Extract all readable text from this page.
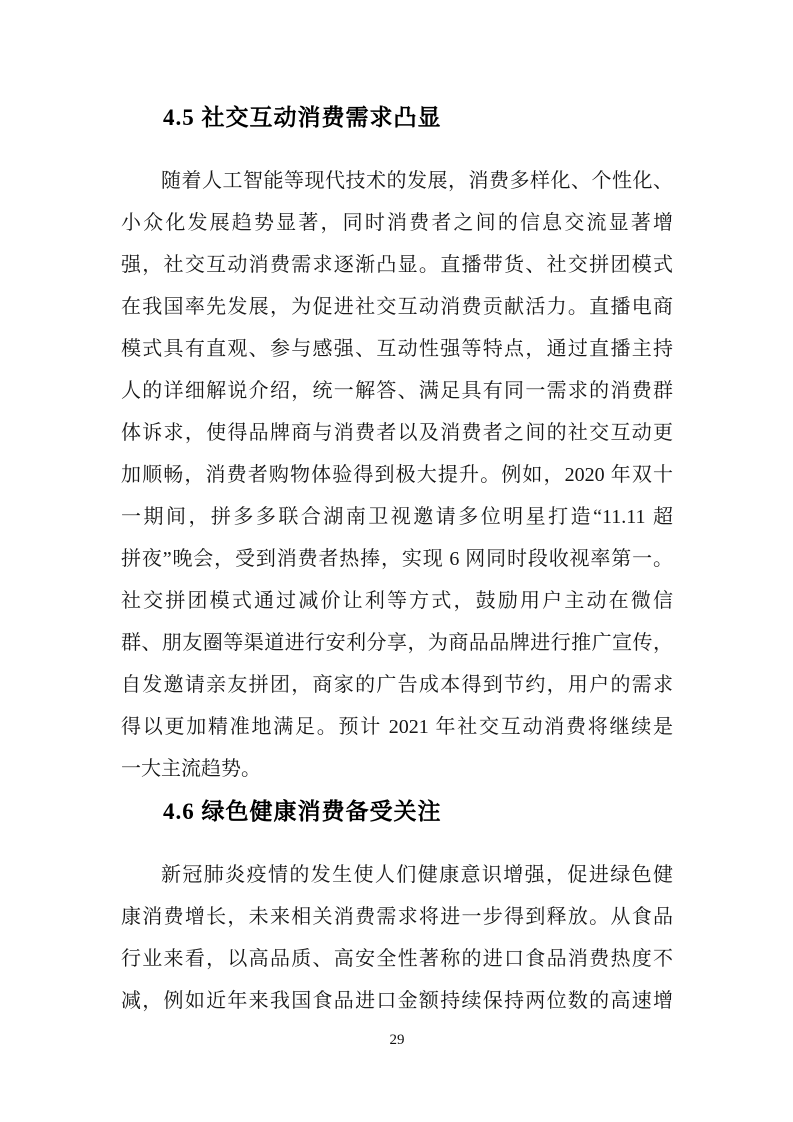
4.5 社交互动消费需求凸显
随着人工智能等现代技术的发展，消费多样化、个性化、
小众化发展趋势显著，同时消费者之间的信息交流显著增
强，社交互动消费需求逐渐凸显。直播带货、社交拼团模式
在我国率先发展，为促进社交互动消费贡献活力。直播电商
模式具有直观、参与感强、互动性强等特点，通过直播主持
人的详细解说介绍，统一解答、满足具有同一需求的消费群
体诉求，使得品牌商与消费者以及消费者之间的社交互动更
加顺畅，消费者购物体验得到极大提升。例如，2020 年双十
一期间，拼多多联合湖南卫视邀请多位明星打造“11.11 超
拼夜”晚会，受到消费者热捧，实现 6 网同时段收视率第一。
社交拼团模式通过减价让利等方式，鼓励用户主动在微信
群、朋友圈等渠道进行安利分享，为商品品牌进行推广宣传，
自发邀请亲友拼团，商家的广告成本得到节约，用户的需求
得以更加精准地满足。预计 2021 年社交互动消费将继续是
一大主流趋势。
4.6 绿色健康消费备受关注
新冠肺炎疫情的发生使人们健康意识增强，促进绿色健
康消费增长，未来相关消费需求将进一步得到释放。从食品
行业来看，以高品质、高安全性著称的进口食品消费热度不
减，例如近年来我国食品进口金额持续保持两位数的高速增
29
